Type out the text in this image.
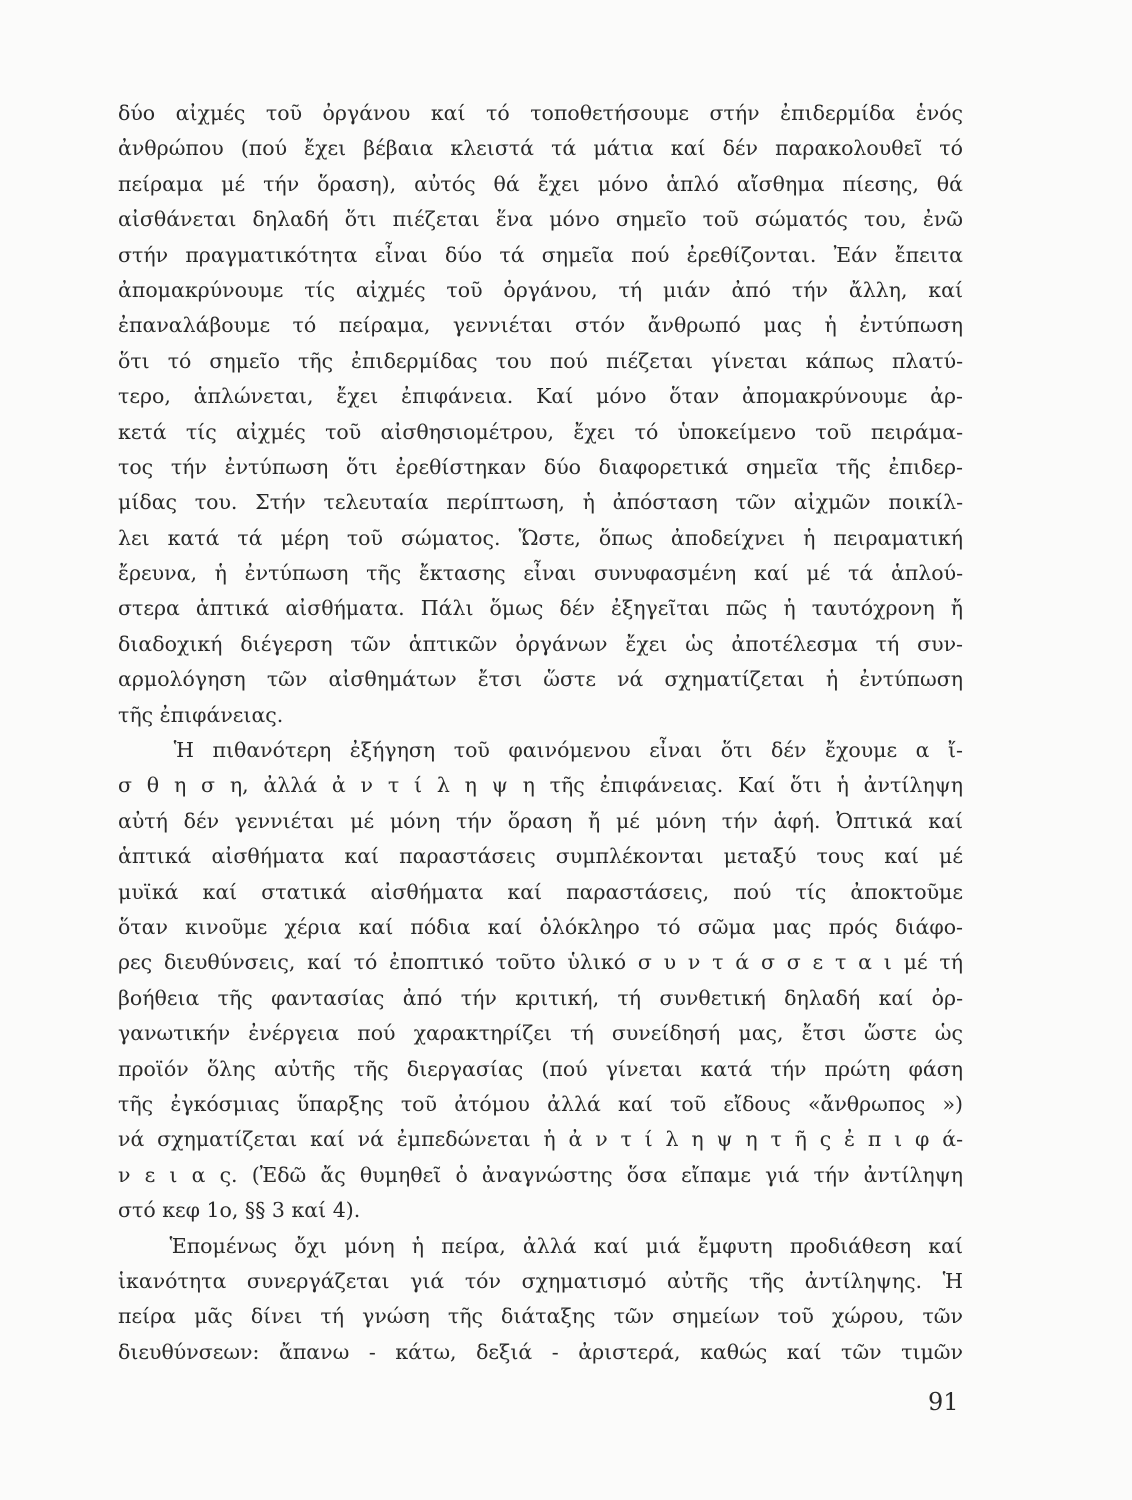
δύο αἰχμές τοῦ ὀργάνου καί τό τοποθετήσουμε στήν ἐπιδερμίδα ἑνός
ἀνθρώπου (πού ἔχει βέβαια κλειστά τά μάτια καί δέν παρακολουθεῖ τό
πείραμα μέ τήν ὅραση), αὐτός θά ἔχει μόνο ἁπλό αἴσθημα πίεσης, θά
αἰσθάνεται δηλαδή ὅτι πιέζεται ἕνα μόνο σημεῖο τοῦ σώματός του, ἐνῶ
στήν πραγματικότητα εἶναι δύο τά σημεῖα πού ἐρεθίζονται. Ἐάν ἔπειτα
ἀπομακρύνουμε τίς αἰχμές τοῦ ὀργάνου, τή μιάν ἀπό τήν ἄλλη, καί
ἐπαναλάβουμε τό πείραμα, γεννιέται στόν ἄνθρωπό μας ἡ ἐντύπωση
ὅτι τό σημεῖο τῆς ἐπιδερμίδας του πού πιέζεται γίνεται κάπως πλατύ-
τερο, ἁπλώνεται, ἔχει ἐπιφάνεια. Καί μόνο ὅταν ἀπομακρύνουμε ἀρ-
κετά τίς αἰχμές τοῦ αἰσθησιομέτρου, ἔχει τό ὑποκείμενο τοῦ πειράμα-
τος τήν ἐντύπωση ὅτι ἐρεθίστηκαν δύο διαφορετικά σημεῖα τῆς ἐπιδερ-
μίδας του. Στήν τελευταία περίπτωση, ἡ ἀπόσταση τῶν αἰχμῶν ποικίλ-
λει κατά τά μέρη τοῦ σώματος. Ὥστε, ὅπως ἀποδείχνει ἡ πειραματική
ἔρευνα, ἡ ἐντύπωση τῆς ἔκτασης εἶναι συνυφασμένη καί μέ τά ἁπλού-
στερα ἁπτικά αἰσθήματα. Πάλι ὅμως δέν ἐξηγεῖται πῶς ἡ ταυτόχρονη ἤ
διαδοχική διέγερση τῶν ἁπτικῶν ὀργάνων ἔχει ὡς ἀποτέλεσμα τή συν-
αρμολόγηση τῶν αἰσθημάτων ἔτσι ὥστε νά σχηματίζεται ἡ ἐντύπωση
τῆς ἐπιφάνειας.
Ἡ πιθανότερη ἐξήγηση τοῦ φαινόμενου εἶναι ὅτι δέν ἔχουμε α ἴ-
σ θ η σ η, ἀλλά ἀ ν τ ί λ η ψ η τῆς ἐπιφάνειας. Καί ὅτι ἡ ἀντίληψη
αὐτή δέν γεννιέται μέ μόνη τήν ὅραση ἤ μέ μόνη τήν ἁφή. Ὀπτικά καί
ἁπτικά αἰσθήματα καί παραστάσεις συμπλέκονται μεταξύ τους καί μέ
μυϊκά καί στατικά αἰσθήματα καί παραστάσεις, πού τίς ἀποκτοῦμε
ὅταν κινοῦμε χέρια καί πόδια καί ὁλόκληρο τό σῶμα μας πρός διάφο-
ρες διευθύνσεις, καί τό ἐποπτικό τοῦτο ὑλικό σ υ ν τ ά σ σ ε τ α ι μέ τή
βοήθεια τῆς φαντασίας ἀπό τήν κριτική, τή συνθετική δηλαδή καί ὀρ-
γανωτικήν ἐνέργεια πού χαρακτηρίζει τή συνείδησή μας, ἔτσι ὥστε ὡς
προϊόν ὅλης αὐτῆς τῆς διεργασίας (πού γίνεται κατά τήν πρώτη φάση
τῆς ἐγκόσμιας ὕπαρξης τοῦ ἀτόμου ἀλλά καί τοῦ εἴδους «ἄνθρωπος »)
νά σχηματίζεται καί νά ἐμπεδώνεται ἡ ἀ ν τ ί λ η ψ η τ ῆ ς ἐ π ι φ ά-
ν ε ι α ς. (Ἐδῶ ἄς θυμηθεῖ ὁ ἀναγνώστης ὅσα εἴπαμε γιά τήν ἀντίληψη
στό κεφ 1ο, §§ 3 καί 4).
Ἑπομένως ὄχι μόνη ἡ πείρα, ἀλλά καί μιά ἔμφυτη προδιάθεση καί
ἱκανότητα συνεργάζεται γιά τόν σχηματισμό αὐτῆς τῆς ἀντίληψης. Ἡ
πείρα μᾶς δίνει τή γνώση τῆς διάταξης τῶν σημείων τοῦ χώρου, τῶν
διευθύνσεων: ἄπανω - κάτω, δεξιά - ἀριστερά, καθώς καί τῶν τιμῶν
91
